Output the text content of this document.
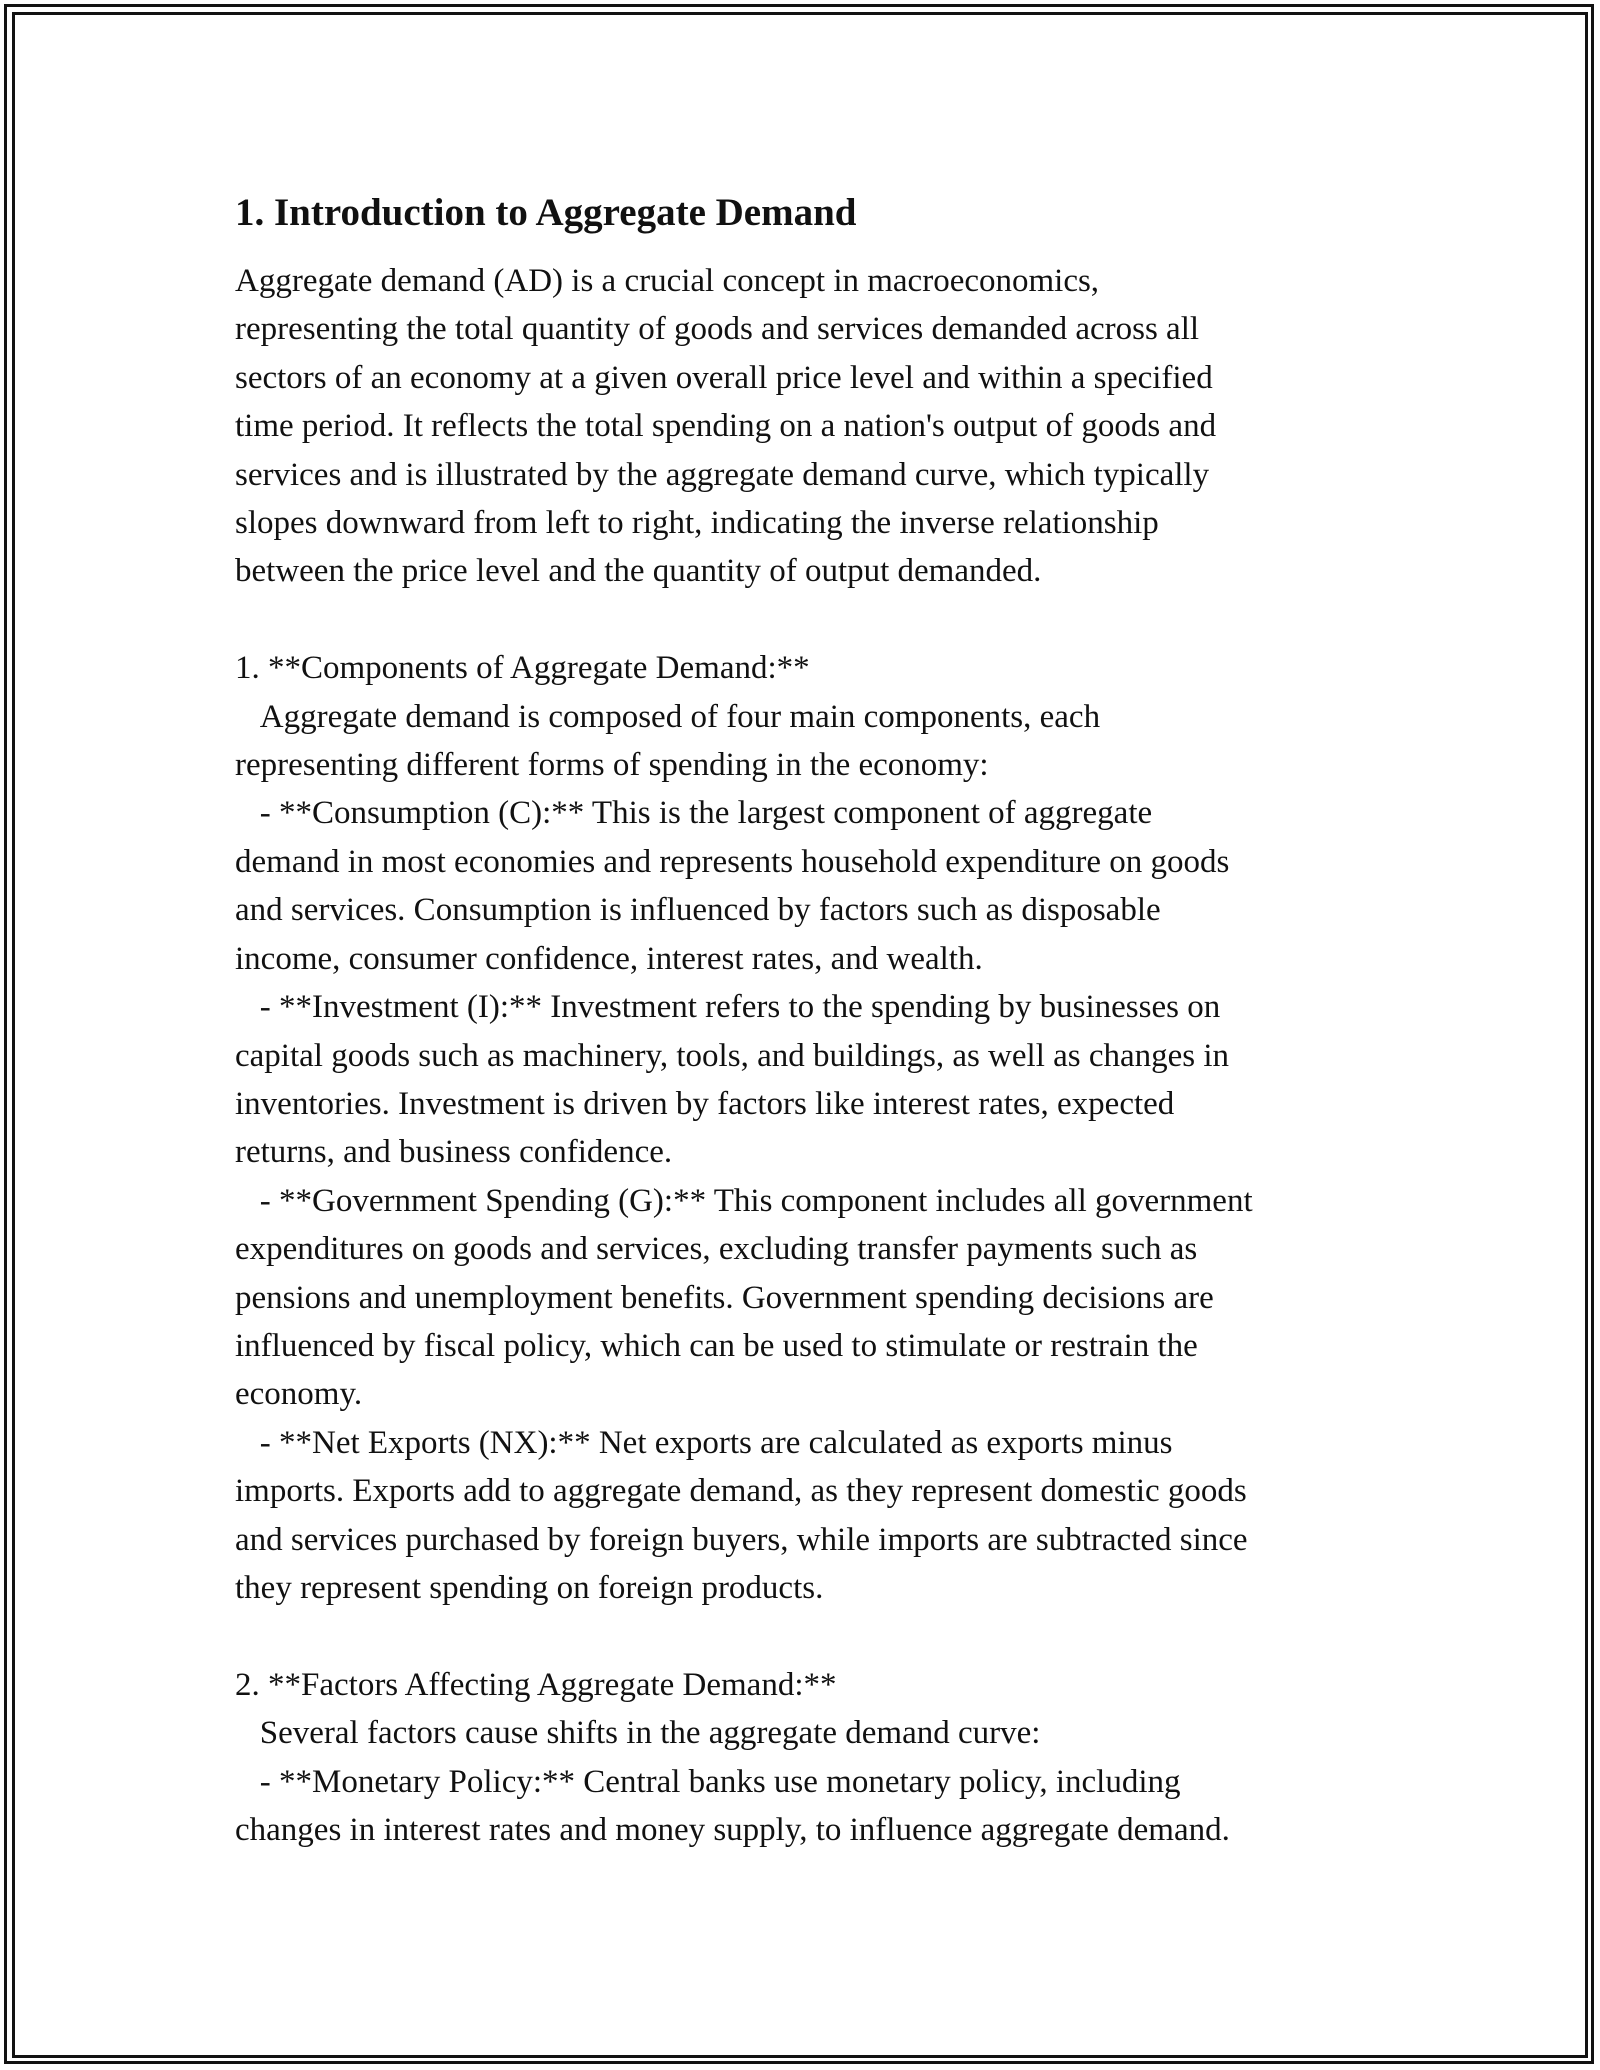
1. Introduction to Aggregate Demand
Aggregate demand (AD) is a crucial concept in macroeconomics,
representing the total quantity of goods and services demanded across all
sectors of an economy at a given overall price level and within a specified
time period. It reflects the total spending on a nation's output of goods and
services and is illustrated by the aggregate demand curve, which typically
slopes downward from left to right, indicating the inverse relationship
between the price level and the quantity of output demanded.

1. **Components of Aggregate Demand:**
Aggregate demand is composed of four main components, each
representing different forms of spending in the economy:
- **Consumption (C):** This is the largest component of aggregate
demand in most economies and represents household expenditure on goods
and services. Consumption is influenced by factors such as disposable
income, consumer confidence, interest rates, and wealth.
- **Investment (I):** Investment refers to the spending by businesses on
capital goods such as machinery, tools, and buildings, as well as changes in
inventories. Investment is driven by factors like interest rates, expected
returns, and business confidence.
- **Government Spending (G):** This component includes all government
expenditures on goods and services, excluding transfer payments such as
pensions and unemployment benefits. Government spending decisions are
influenced by fiscal policy, which can be used to stimulate or restrain the
economy.
- **Net Exports (NX):** Net exports are calculated as exports minus
imports. Exports add to aggregate demand, as they represent domestic goods
and services purchased by foreign buyers, while imports are subtracted since
they represent spending on foreign products.

2. **Factors Affecting Aggregate Demand:**
Several factors cause shifts in the aggregate demand curve:
- **Monetary Policy:** Central banks use monetary policy, including
changes in interest rates and money supply, to influence aggregate demand.
